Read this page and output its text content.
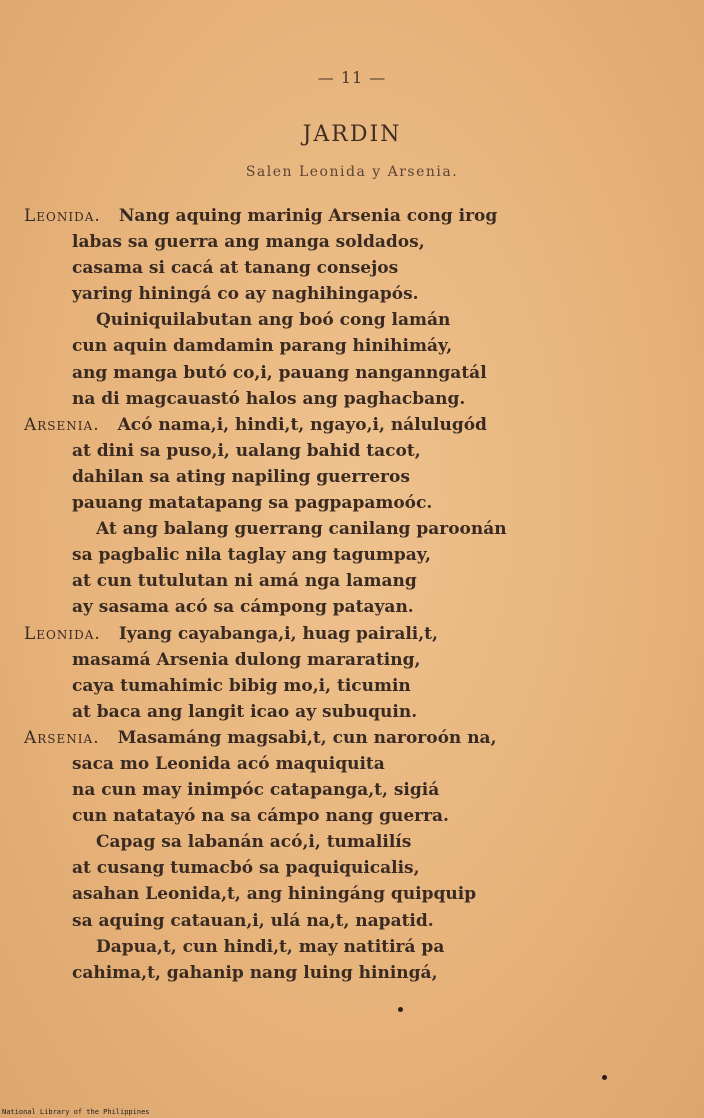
— 11 —
JARDIN
Salen Leonida y Arsenia.
Leonida. Nang aquing marinig Arsenia cong irog
labas sa guerra ang manga soldados,
casama si cacá at tanang consejos
yaring hiningá co ay naghihingapós.
Quiniquilabutan ang boó cong lamán
cun aquin damdamin parang hinihimáy,
ang manga butó co,i, pauang nanganngatál
na di magcauastó halos ang paghacbang.
Arsenia. Acó nama,i, hindi,t, ngayo,i, nálulugód
at dini sa puso,i, ualang bahid tacot,
dahilan sa ating napiling guerreros
pauang matatapang sa pagpapamoóc.
At ang balang guerrang canilang paroonán
sa pagbalic nila taglay ang tagumpay,
at cun tutulutan ni amá nga lamang
ay sasama acó sa cámpong patayan.
Leonida. Iyang cayabanga,i, huag pairali,t,
masamá Arsenia dulong mararating,
caya tumahimic bibig mo,i, ticumin
at baca ang langit icao ay subuquin.
Arsenia. Masamáng magsabi,t, cun naroroón na,
saca mo Leonida acó maquiquita
na cun may inimpóc catapanga,t, sigiá
cun natatayó na sa cámpo nang guerra.
Capag sa labanán acó,i, tumalilís
at cusang tumacbó sa paquiquicalis,
asahan Leonida,t, ang hiningáng quipquip
sa aquing catauan,i, ulá na,t, napatid.
Dapua,t, cun hindi,t, may natitirá pa
cahima,t, gahanip nang luing hiningá,
National Library of the Philippines
